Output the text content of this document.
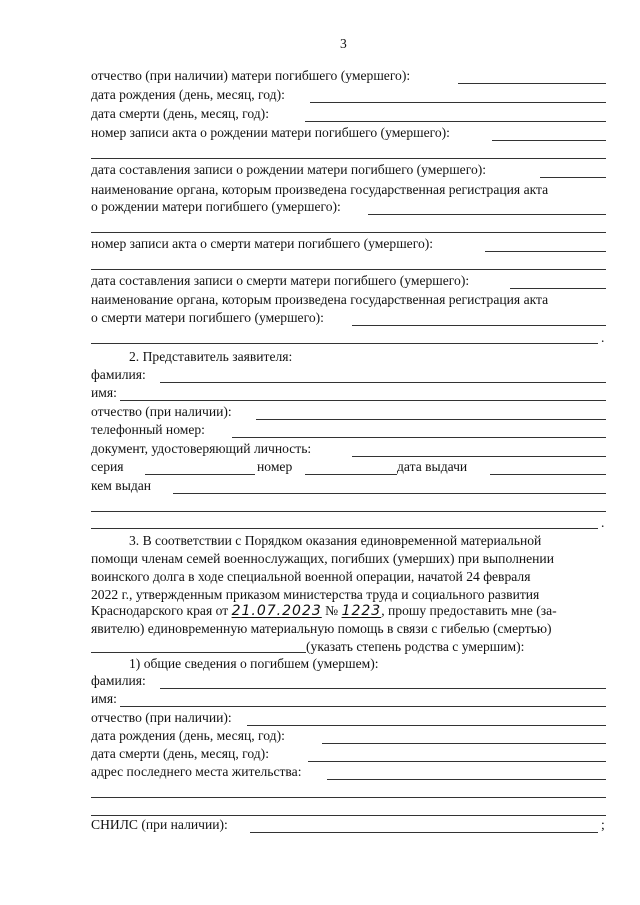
3
отчество (при наличии) матери погибшего (умершего):
дата рождения (день, месяц, год):
дата смерти (день, месяц, год):
номер записи акта о рождении матери погибшего (умершего):
дата составления записи о рождении матери погибшего (умершего):
наименование органа, которым произведена государственная регистрация акта
о рождении матери погибшего (умершего):
номер записи акта о смерти матери погибшего (умершего):
дата составления записи о смерти матери погибшего (умершего):
наименование органа, которым произведена государственная регистрация акта
о смерти матери погибшего (умершего):
.
2. Представитель заявителя:
фамилия:
имя:
отчество (при наличии):
телефонный номер:
документ, удостоверяющий личность:
серия	номер	дата выдачи
кем выдан
.
3. В соответствии с Порядком оказания единовременной материальной
помощи членам семей военнослужащих, погибших (умерших) при выполнении
воинского долга в ходе специальной военной операции, начатой 24 февраля
2022 г., утвержденным приказом министерства труда и социального развития
Краснодарского края от 21.07.2023 № 1223, прошу предоставить мне (за-
явителю) единовременную материальную помощь в связи с гибелью (смертью)
(указать степень родства с умершим):
1) общие сведения о погибшем (умершем):
фамилия:
имя:
отчество (при наличии):
дата рождения (день, месяц, год):
дата смерти (день, месяц, год):
адрес последнего места жительства:
СНИЛС (при наличии):	;
